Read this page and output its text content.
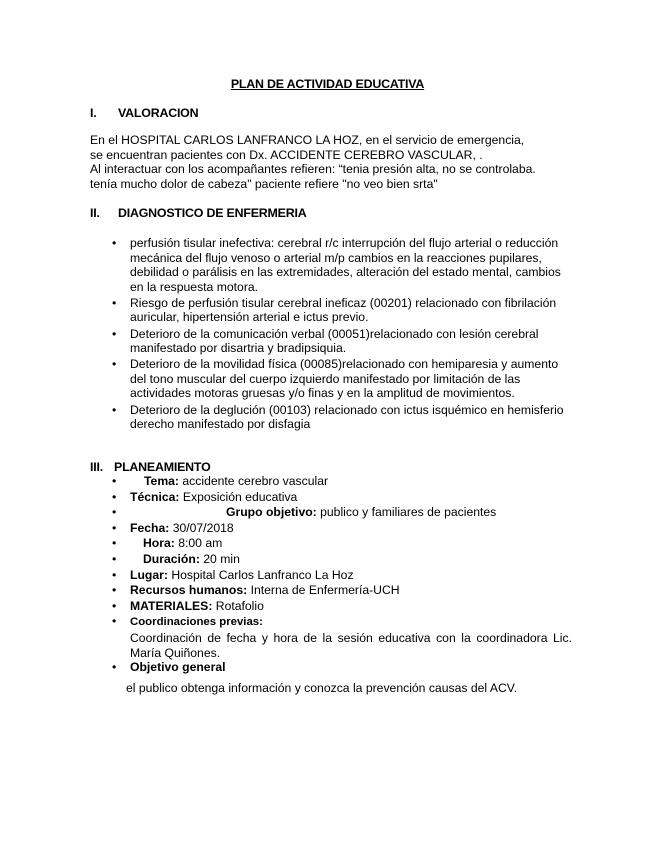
PLAN DE ACTIVIDAD EDUCATIVA
I. VALORACION

En el HOSPITAL CARLOS LANFRANCO LA HOZ, en el servicio de emergencia,

se encuentran pacientes con Dx. ACCIDENTE CEREBRO VASCULAR, .

Al interactuar con los acompañantes refieren: “tenia presión alta, no se controlaba.

tenía mucho dolor de cabeza" paciente refiere "no veo bien srta"

II. DIAGNOSTICO DE ENFERMERIA
• perfusión tisular inefectiva: cerebral r/c interrupción del flujo arterial o reducción mecánica del flujo venoso o arterial m/p cambios en la reacciones pupilares, debilidad o parálisis en las extremidades, alteración del estado mental, cambios en la respuesta motora.
• Riesgo de perfusión tisular cerebral ineficaz (00201) relacionado con fibrilación auricular, hipertensión arterial e ictus previo.
• Deterioro de la comunicación verbal (00051)relacionado con lesión cerebral manifestado por disartria y bradipsiquia.
• Deterioro de la movilidad física (00085)relacionado con hemiparesia y aumento del tono muscular del cuerpo izquierdo manifestado por limitación de las actividades motoras gruesas y/o finas y en la amplitud de movimientos.
• Deterioro de la deglución (00103) relacionado con ictus isquémico en hemisferio derecho manifestado por disfagia
III. PLANEAMIENTO
• Tema: accidente cerebro vascular
• Técnica: Exposición educativa
•	Grupo objetivo: publico y familiares de pacientes
• Fecha: 30/07/2018
• Hora: 8:00 am
• Duración: 20 min
• Lugar: Hospital Carlos Lanfranco La Hoz
• Recursos humanos: Interna de Enfermería-UCH
• MATERIALES: Rotafolio
• Coordinaciones previas:
Coordinación de fecha y hora de la sesión educativa con la coordinadora Lic. María Quiñones.
• Objetivo general
el publico obtenga información y conozca la prevención causas del ACV.
